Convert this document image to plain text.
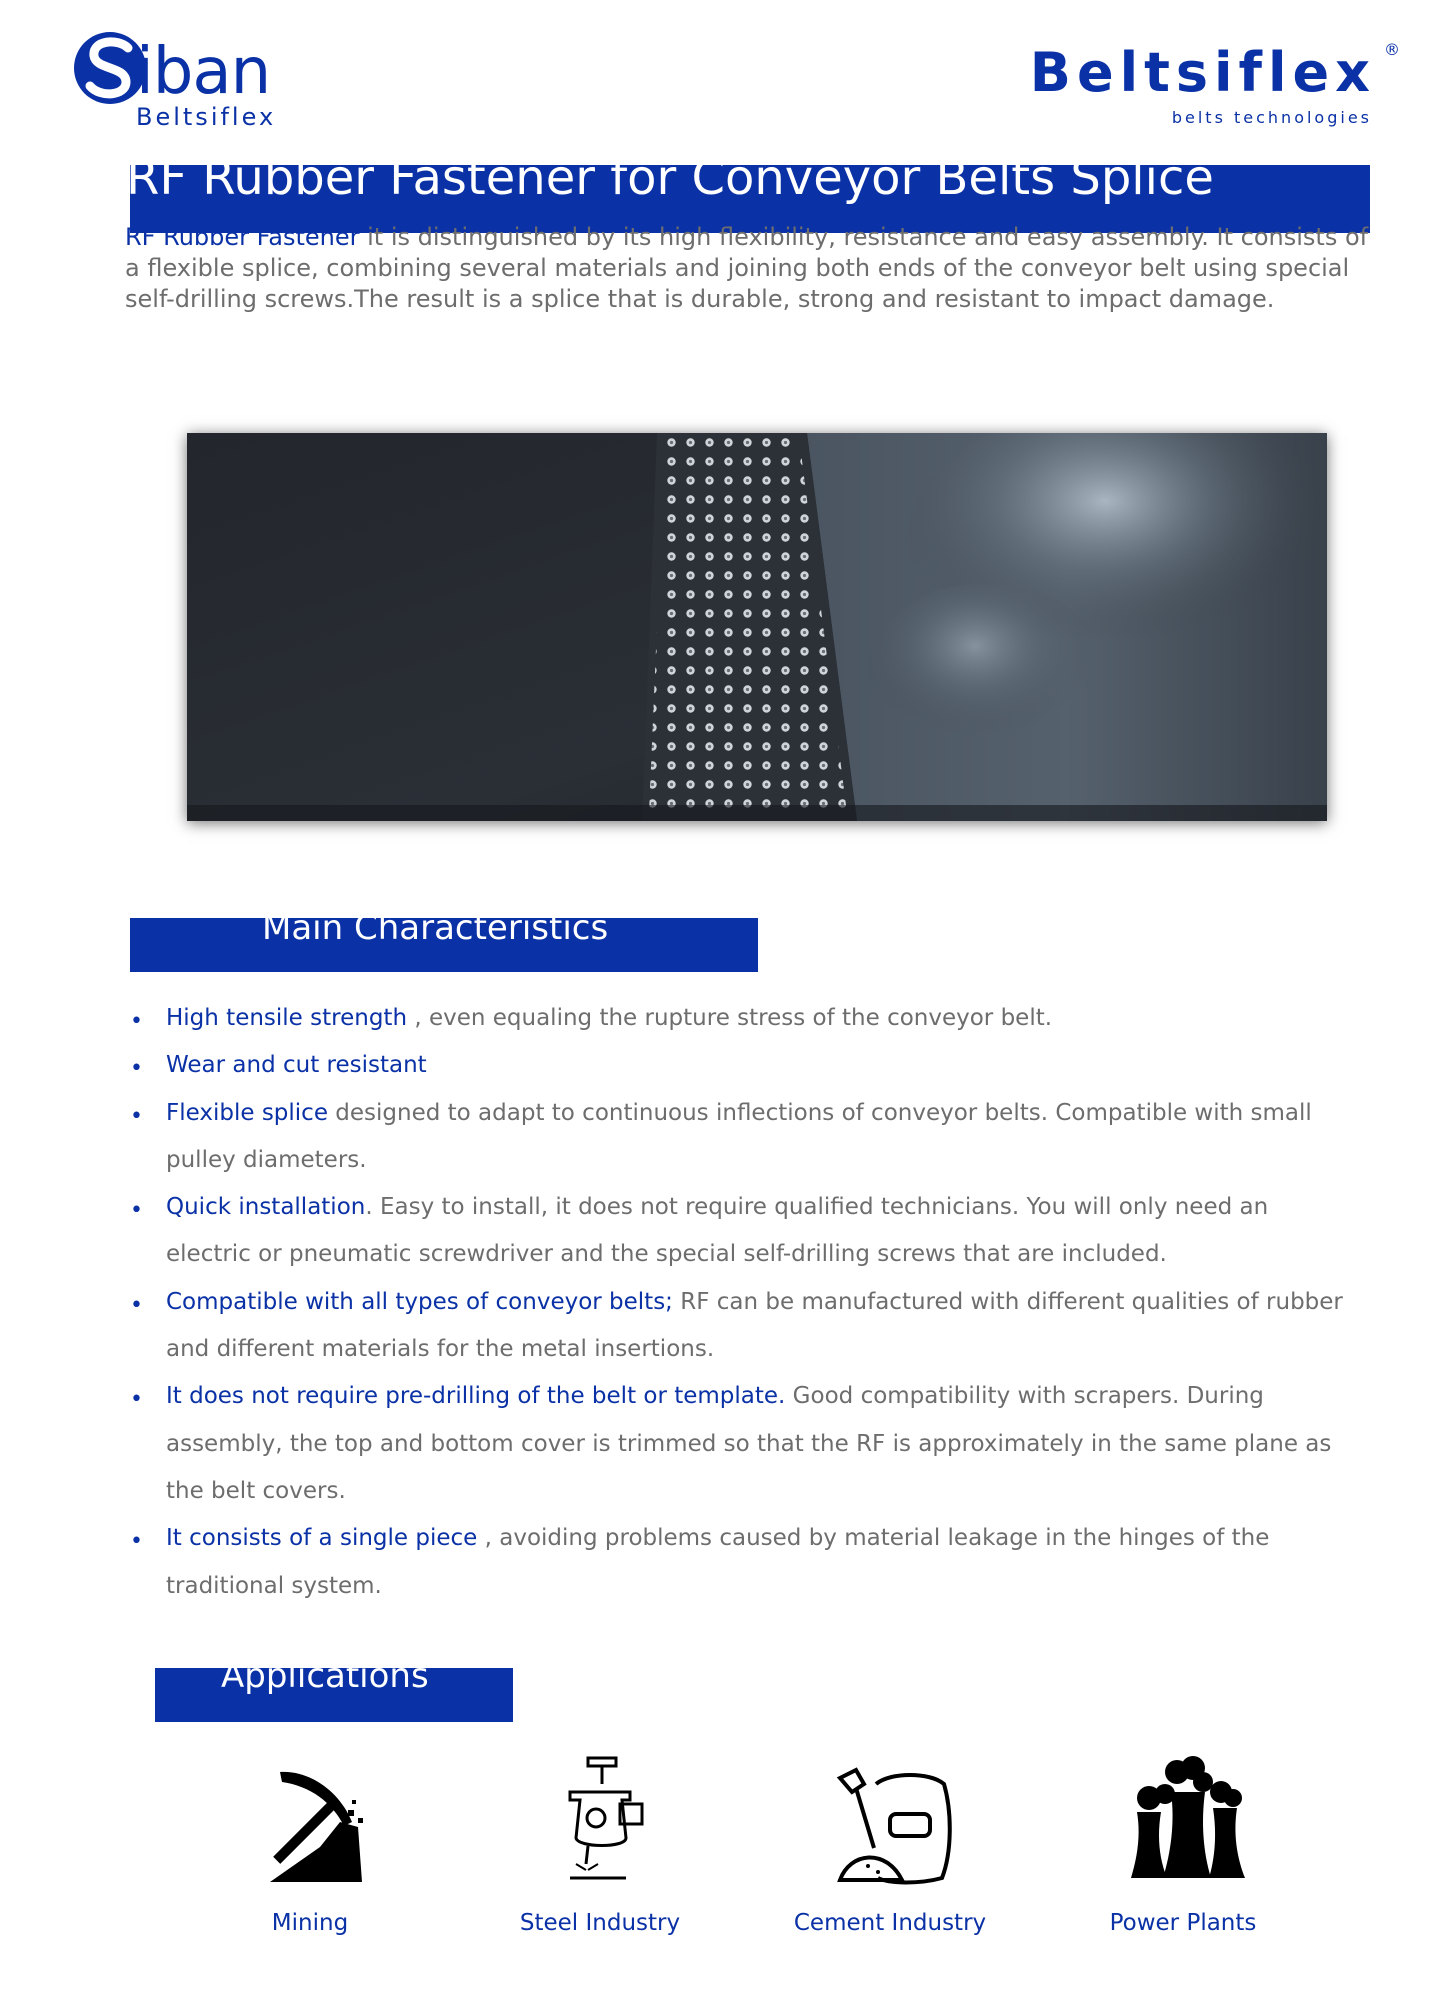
iban
Beltsiflex
Beltsiflex ®
belts technologies
RF Rubber Fastener for Conveyor Belts Splice
RF Rubber Fastener it is distinguished by its high flexibility, resistance and easy assembly. It consists of a flexible splice, combining several materials and joining both ends of the conveyor belt using special self-drilling screws.The result is a splice that is durable, strong and resistant to impact damage.
Main Characteristics
• High tensile strength , even equaling the rupture stress of the conveyor belt.
• Wear and cut resistant
• Flexible splice designed to adapt to continuous inflections of conveyor belts. Compatible with small pulley diameters.
• Quick installation. Easy to install, it does not require qualified technicians. You will only need an electric or pneumatic screwdriver and the special self-drilling screws that are included.
• Compatible with all types of conveyor belts; RF can be manufactured with different qualities of rubber and different materials for the metal insertions.
• It does not require pre-drilling of the belt or template. Good compatibility with scrapers. During assembly, the top and bottom cover is trimmed so that the RF is approximately in the same plane as the belt covers.
• It consists of a single piece , avoiding problems caused by material leakage in the hinges of the traditional system.
Applications
Mining	Steel Industry	Cement Industry	Power Plants
